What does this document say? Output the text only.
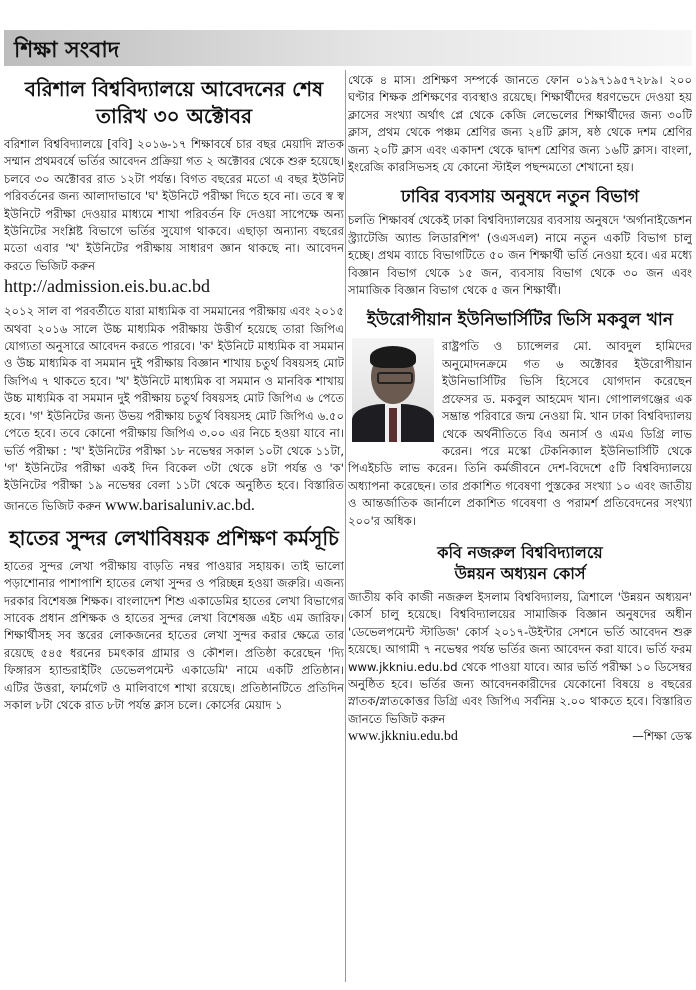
শিক্ষা সংবাদ
বরিশাল বিশ্ববিদ্যালয়ে আবেদনের শেষ তারিখ ৩০ অক্টোবর

বরিশাল বিশ্ববিদ্যালয়ে [ববি] ২০১৬-১৭ শিক্ষাবর্ষে চার বছর মেয়াদি স্নাতক সম্মান প্রথমবর্ষে ভর্তির আবেদন প্রক্রিয়া গত ২ অক্টোবর থেকে শুরু হয়েছে। চলবে ৩০ অক্টোবর রাত ১২টা পর্যন্ত। বিগত বছরের মতো এ বছর ইউনিট পরিবর্তনের জন্য আলাদাভাবে 'ঘ' ইউনিটে পরীক্ষা দিতে হবে না। তবে স্ব স্ব ইউনিটে পরীক্ষা দেওয়ার মাধ্যমে শাখা পরিবর্তন ফি দেওয়া সাপেক্ষে অন্য ইউনিটের সংশ্লিষ্ট বিভাগে ভর্তির সুযোগ থাকবে। এছাড়া অন্যান্য বছরের মতো এবার 'খ' ইউনিটের পরীক্ষায় সাধারণ জ্ঞান থাকছে না। আবেদন করতে ভিজিট করুন

http://admission.eis.bu.ac.bd

২০১২ সাল বা পরবর্তীতে যারা মাধ্যমিক বা সমমানের পরীক্ষায় এবং ২০১৫ অথবা ২০১৬ সালে উচ্চ মাধ্যমিক পরীক্ষায় উত্তীর্ণ হয়েছে তারা জিপিএ যোগ্যতা অনুসারে আবেদন করতে পারবে। 'ক' ইউনিটে মাধ্যমিক বা সমমান ও উচ্চ মাধ্যমিক বা সমমান দুই পরীক্ষায় বিজ্ঞান শাখায় চতুর্থ বিষয়সহ মোট জিপিএ ৭ থাকতে হবে। 'খ' ইউনিটে মাধ্যমিক বা সমমান ও মানবিক শাখায় উচ্চ মাধ্যমিক বা সমমান দুই পরীক্ষায় চতুর্থ বিষয়সহ মোট জিপিএ ৬ পেতে হবে। 'গ' ইউনিটের জন্য উভয় পরীক্ষায় চতুর্থ বিষয়সহ মোট জিপিএ ৬.৫০ পেতে হবে। তবে কোনো পরীক্ষায় জিপিএ ৩.০০ এর নিচে হওয়া যাবে না। ভর্তি পরীক্ষা : 'খ' ইউনিটের পরীক্ষা ১৮ নভেম্বর সকাল ১০টা থেকে ১১টা, 'গ' ইউনিটের পরীক্ষা একই দিন বিকেল ৩টা থেকে ৪টা পর্যন্ত ও 'ক' ইউনিটের পরীক্ষা ১৯ নভেম্বর বেলা ১১টা থেকে অনুষ্ঠিত হবে। বিস্তারিত জানতে ভিজিট করুন www.barisaluniv.ac.bd.

হাতের সুন্দর লেখাবিষয়ক প্রশিক্ষণ কর্মসূচি

হাতের সুন্দর লেখা পরীক্ষায় বাড়তি নম্বর পাওয়ার সহায়ক। তাই ভালো পড়াশোনার পাশাপাশি হাতের লেখা সুন্দর ও পরিচ্ছন্ন হওয়া জরুরি। এজন্য দরকার বিশেষজ্ঞ শিক্ষক। বাংলাদেশ শিশু একাডেমির হাতের লেখা বিভাগের সাবেক প্রধান প্রশিক্ষক ও হাতের সুন্দর লেখা বিশেষজ্ঞ এইচ এম জারিফ। শিক্ষার্থীসহ সব স্তরের লোকজনের হাতের লেখা সুন্দর করার ক্ষেত্রে তার রয়েছে ৫৪৫ ধরনের চমৎকার গ্রামার ও কৌশল। প্রতিষ্ঠা করেছেন 'দ্যি ফিঙ্গারস হ্যান্ডরাইটিং ডেভেলপমেন্ট একাডেমি' নামে একটি প্রতিষ্ঠান। এটির উত্তরা, ফার্মগেট ও মালিবাগে শাখা রয়েছে। প্রতিষ্ঠানটিতে প্রতিদিন সকাল ৮টা থেকে রাত ৮টা পর্যন্ত ক্লাস চলে। কোর্সের মেয়াদ ১

থেকে ৪ মাস। প্রশিক্ষণ সম্পর্কে জানতে ফোন ০১৯৭১৯৫৭২৮৯। ২০০ ঘণ্টার শিক্ষক প্রশিক্ষণের ব্যবস্থাও রয়েছে। শিক্ষার্থীদের ধরণভেদে দেওয়া হয় ক্লাসের সংখ্যা অর্থাৎ প্লে থেকে কেজি লেভেলের শিক্ষার্থীদের জন্য ৩০টি ক্লাস, প্রথম থেকে পঞ্চম শ্রেণির জন্য ২৪টি ক্লাস, ষষ্ঠ থেকে দশম শ্রেণির জন্য ২০টি ক্লাস এবং একাদশ থেকে দ্বাদশ শ্রেণির জন্য ১৬টি ক্লাস। বাংলা, ইংরেজি কারসিভসহ যে কোনো স্টাইল পছন্দমতো শেখানো হয়।

ঢাবির ব্যবসায় অনুষদে নতুন বিভাগ

চলতি শিক্ষাবর্ষ থেকেই ঢাকা বিশ্ববিদ্যালয়ের ব্যবসায় অনুষদে 'অর্গানাইজেশন স্ট্র্যাটেজি অ্যান্ড লিডারশিপ' (ওএসএল) নামে নতুন একটি বিভাগ চালু হচ্ছে। প্রথম ব্যাচে বিভাগটিতে ৫০ জন শিক্ষার্থী ভর্তি নেওয়া হবে। এর মধ্যে বিজ্ঞান বিভাগ থেকে ১৫ জন, ব্যবসায় বিভাগ থেকে ৩০ জন এবং সামাজিক বিজ্ঞান বিভাগ থেকে ৫ জন শিক্ষার্থী।

ইউরোপীয়ান ইউনিভার্সিটির ভিসি মকবুল খান

রাষ্ট্রপতি ও চ্যান্সেলর মো. আবদুল হামিদের অনুমোদনক্রমে গত ৬ অক্টোবর ইউরোপীয়ান ইউনিভার্সিটির ভিসি হিসেবে যোগদান করেছেন প্রফেসর ড. মকবুল আহমেদ খান। গোপালগঞ্জের এক সম্ভ্রান্ত পরিবারে জন্ম নেওয়া মি. খান ঢাকা বিশ্ববিদ্যালয় থেকে অর্থনীতিতে বিএ অনার্স ও এমএ ডিগ্রি লাভ করেন। পরে মস্কো টেকনিক্যাল ইউনিভার্সিটি থেকে পিএইচডি লাভ করেন। তিনি কর্মজীবনে দেশ-বিদেশে ৫টি বিশ্ববিদ্যালয়ে অধ্যাপনা করেছেন। তার প্রকাশিত গবেষণা পুস্তকের সংখ্যা ১০ এবং জাতীয় ও আন্তর্জাতিক জার্নালে প্রকাশিত গবেষণা ও পরামর্শ প্রতিবেদনের সংখ্যা ২০০'র অধিক।

কবি নজরুল বিশ্ববিদ্যালয়ে
উন্নয়ন অধ্যয়ন কোর্স

জাতীয় কবি কাজী নজরুল ইসলাম বিশ্ববিদ্যালয়, ত্রিশালে 'উন্নয়ন অধ্যয়ন' কোর্স চালু হয়েছে। বিশ্ববিদ্যালয়ের সামাজিক বিজ্ঞান অনুষদের অধীন 'ডেভেলপমেন্ট স্টাডিজ' কোর্স ২০১৭-উইন্টার সেশনে ভর্তি আবেদন শুরু হয়েছে। আগামী ৭ নভেম্বর পর্যন্ত ভর্তির জন্য আবেদন করা যাবে। ভর্তি ফরম www.jkkniu.edu.bd থেকে পাওয়া যাবে। আর ভর্তি পরীক্ষা ১০ ডিসেম্বর অনুষ্ঠিত হবে। ভর্তির জন্য আবেদনকারীদের যেকোনো বিষয়ে ৪ বছরের স্নাতক/স্নাতকোত্তর ডিগ্রি এবং জিপিএ সর্বনিম্ন ২.০০ থাকতে হবে। বিস্তারিত জানতে ভিজিট করুন

www.jkkniu.edu.bd	—শিক্ষা ডেস্ক
